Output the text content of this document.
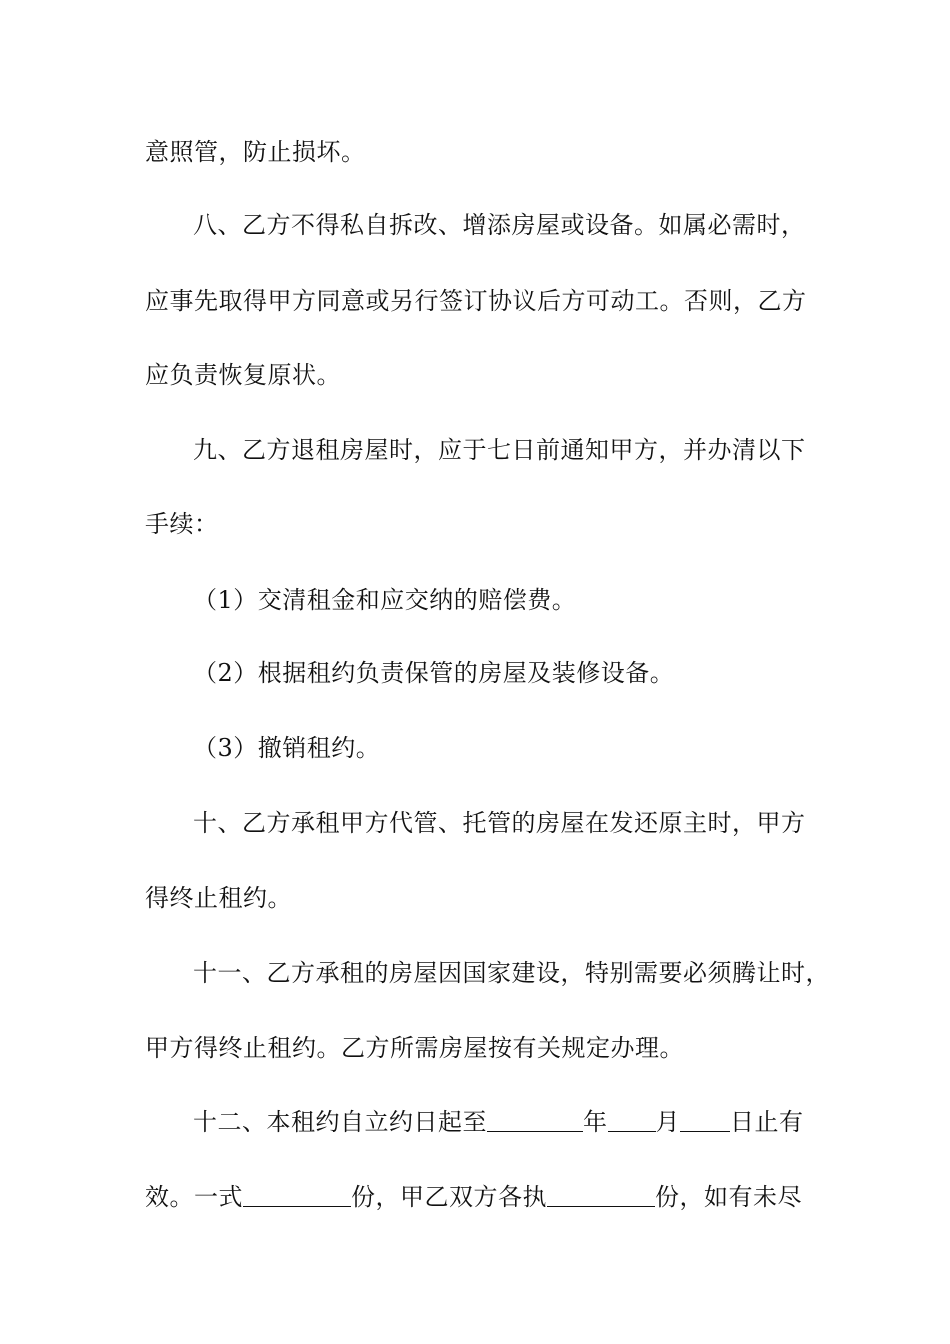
意照管，防止损坏。
八、乙方不得私自拆改、增添房屋或设备。如属必需时，
应事先取得甲方同意或另行签订协议后方可动工。否则，乙方
应负责恢复原状。
九、乙方退租房屋时，应于七日前通知甲方，并办清以下
手续：
（1）交清租金和应交纳的赔偿费。
（2）根据租约负责保管的房屋及装修设备。
（3）撤销租约。
十、乙方承租甲方代管、托管的房屋在发还原主时，甲方
得终止租约。
十一、乙方承租的房屋因国家建设，特别需要必须腾让时，
甲方得终止租约。乙方所需房屋按有关规定办理。
十二、本租约自立约日起至	年 月 日止有
效。一式	份，甲乙双方各执	份，如有未尽
